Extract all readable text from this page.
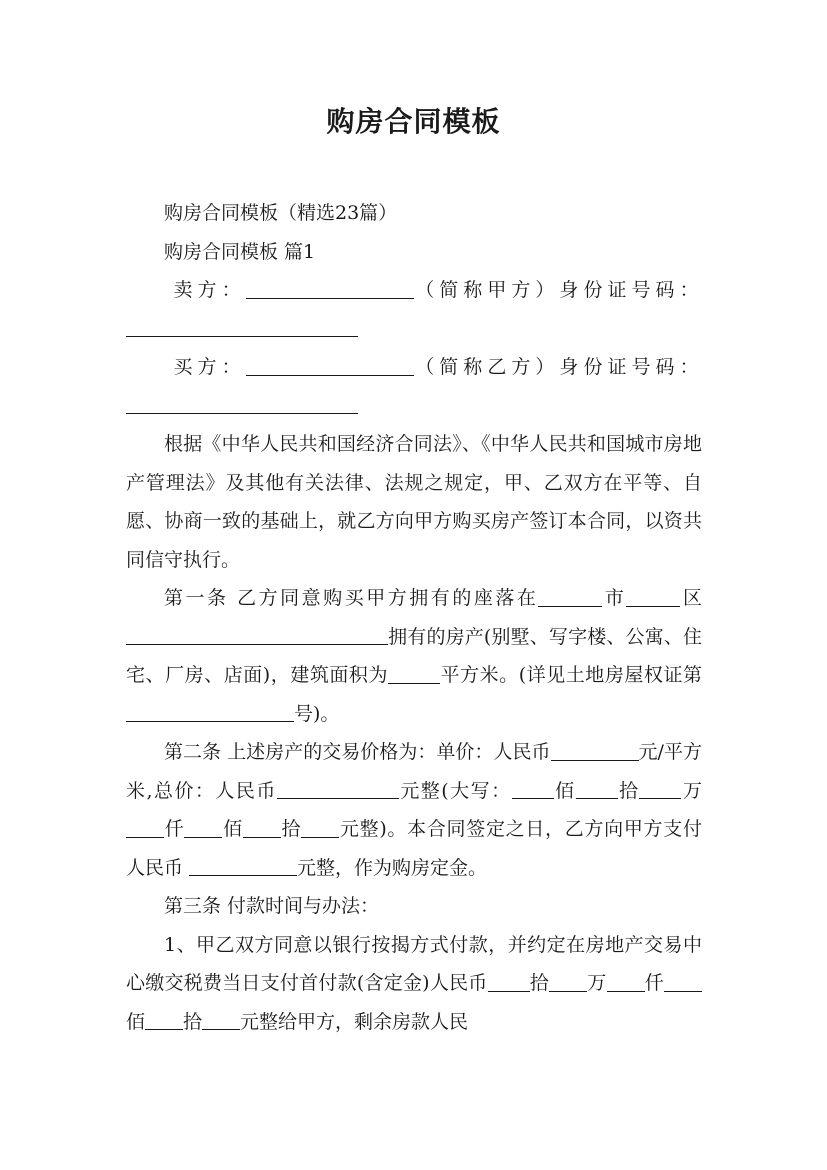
购房合同模板

购房合同模板（精选23篇）

购房合同模板 篇1

卖方：	（简称甲方）身份证号码：

买方：	（简称乙方）身份证号码：

根据《中华人民共和国经济合同法》、《中华人民共和国城市房地产管理法》及其他有关法律、法规之规定，甲、乙双方在平等、自愿、协商一致的基础上，就乙方向甲方购买房产签订本合同，以资共同信守执行。

第一条 乙方同意购买甲方拥有的座落在	市	区拥有的房产(别墅、写字楼、公寓、住宅、厂房、店面)，建筑面积为	平方米。(详见土地房屋权证第号)。

第二条 上述房产的交易价格为：单价：人民币	元/平方米,总价：人民币	元整(大写： 佰 拾 万仟 佰 拾 元整)。本合同签定之日，乙方向甲方支付人民币	元整，作为购房定金。

第三条 付款时间与办法：

1、甲乙双方同意以银行按揭方式付款，并约定在房地产交易中心缴交税费当日支付首付款(含定金)人民币 拾 万 仟佰 拾 元整给甲方，剩余房款人民
